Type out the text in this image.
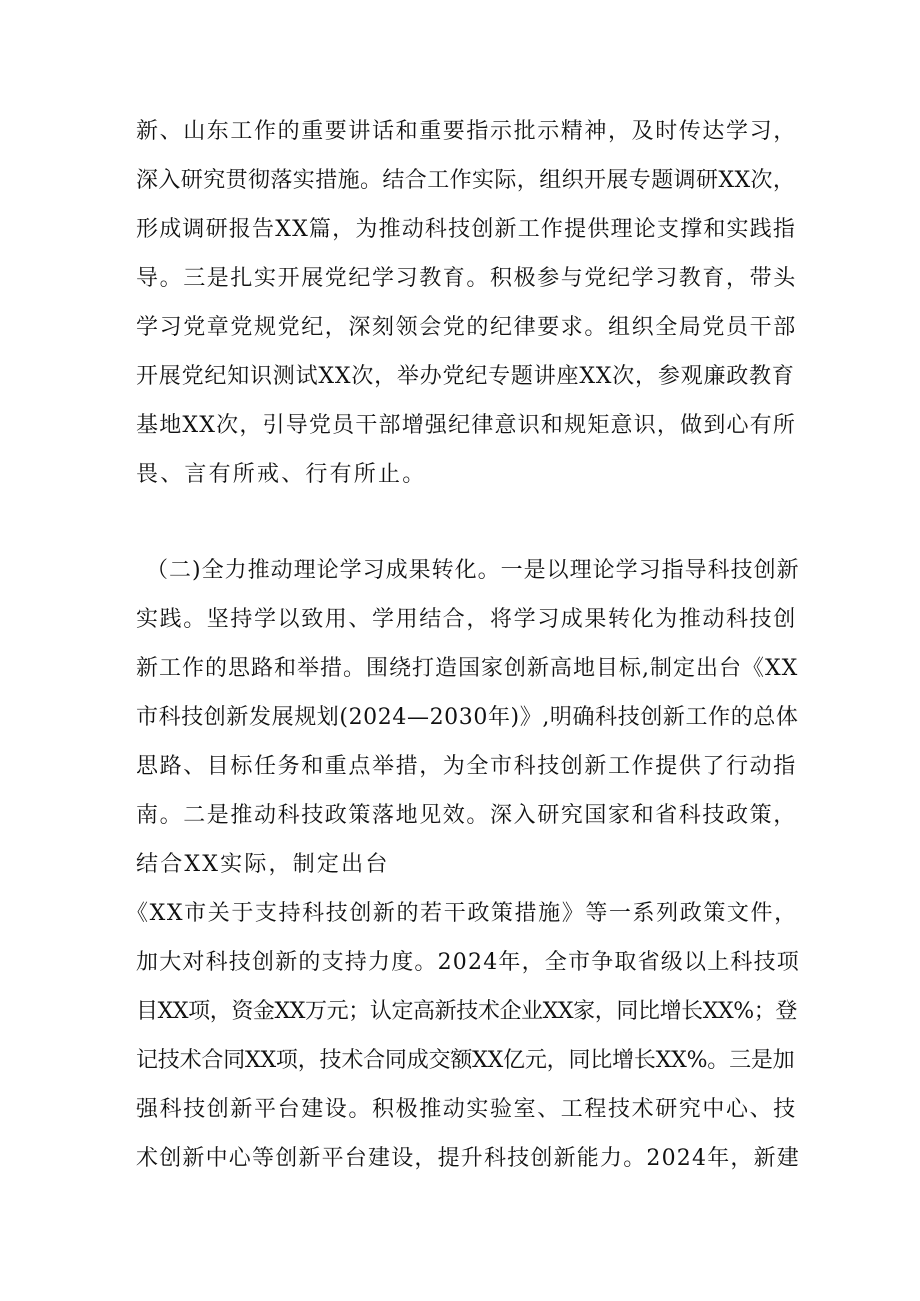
新、山东工作的重要讲话和重要指示批示精神，及时传达学习，
深入研究贯彻落实措施。结合工作实际，组织开展专题调研XX次，
形成调研报告XX篇，为推动科技创新工作提供理论支撑和实践指
导。三是扎实开展党纪学习教育。积极参与党纪学习教育，带头
学习党章党规党纪，深刻领会党的纪律要求。组织全局党员干部
开展党纪知识测试XX次，举办党纪专题讲座XX次，参观廉政教育
基地XX次，引导党员干部增强纪律意识和规矩意识，做到心有所
畏、言有所戒、行有所止。
（二)全力推动理论学习成果转化。一是以理论学习指导科技创新
实践。坚持学以致用、学用结合，将学习成果转化为推动科技创
新工作的思路和举措。围绕打造国家创新高地目标,制定出台《XX
市科技创新发展规划(2024—2030年)》,明确科技创新工作的总体
思路、目标任务和重点举措，为全市科技创新工作提供了行动指
南。二是推动科技政策落地见效。深入研究国家和省科技政策，
结合XX实际，制定出台
《XX市关于支持科技创新的若干政策措施》等一系列政策文件，
加大对科技创新的支持力度。2024年，全市争取省级以上科技项
目XX项，资金XX万元；认定高新技术企业XX家，同比增长XX%；登
记技术合同XX项，技术合同成交额XX亿元，同比增长XX%。三是加
强科技创新平台建设。积极推动实验室、工程技术研究中心、技
术创新中心等创新平台建设，提升科技创新能力。2024年，新建
